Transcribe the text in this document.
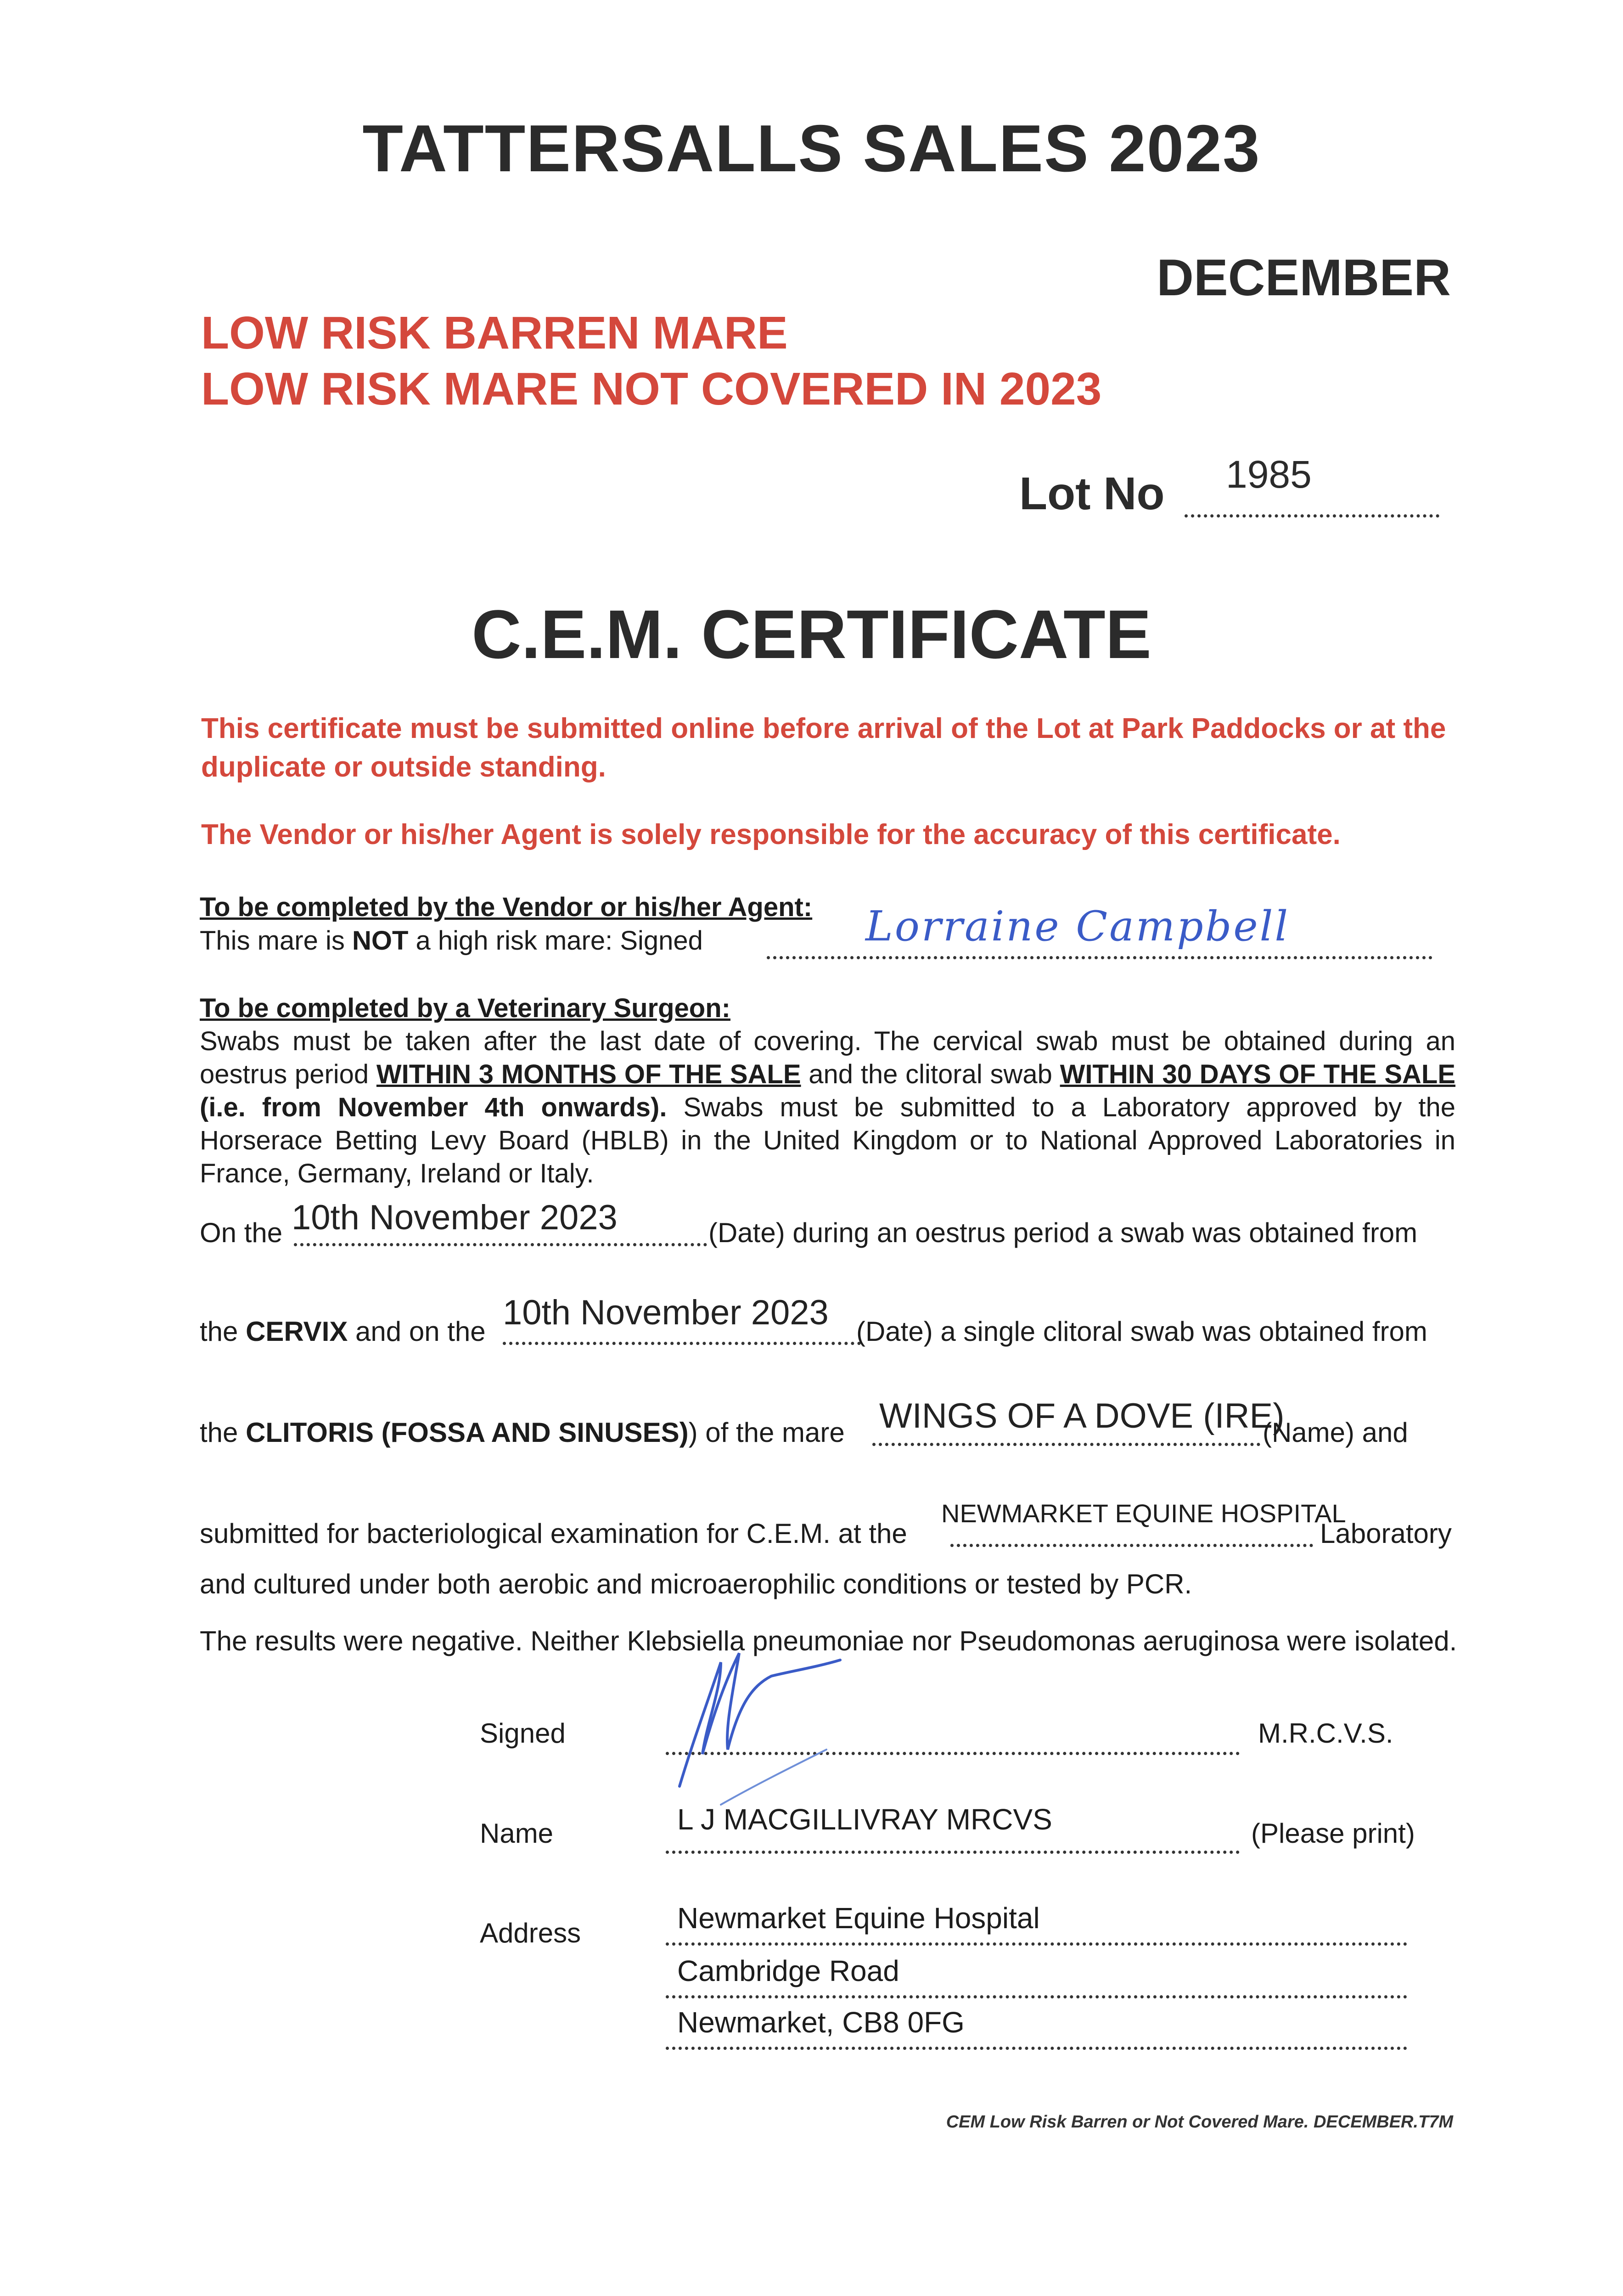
TATTERSALLS SALES 2023
DECEMBER
LOW RISK BARREN MARE
LOW RISK MARE NOT COVERED IN 2023
Lot No 1985
C.E.M. CERTIFICATE
This certificate must be submitted online before arrival of the Lot at Park Paddocks or at the duplicate or outside standing.
The Vendor or his/her Agent is solely responsible for the accuracy of this certificate.
To be completed by the Vendor or his/her Agent:
This mare is NOT a high risk mare: Signed	Lorraine Campbell
To be completed by a Veterinary Surgeon:
Swabs must be taken after the last date of covering. The cervical swab must be obtained during an oestrus period WITHIN 3 MONTHS OF THE SALE and the clitoral swab WITHIN 30 DAYS OF THE SALE (i.e. from November 4th onwards). Swabs must be submitted to a Laboratory approved by the Horserace Betting Levy Board (HBLB) in the United Kingdom or to National Approved Laboratories in France, Germany, Ireland or Italy.
On the 10th November 2023	(Date) during an oestrus period a swab was obtained from
the CERVIX and on the 10th November 2023 (Date) a single clitoral swab was obtained from
the CLITORIS (FOSSA AND SINUSES)) of the mare WINGS OF A DOVE (IRE)
(Name) and
submitted for bacteriological examination for C.E.M. at the
NEWMARKET EQUINE HOSPITAL
Laboratory
and cultured under both aerobic and microaerophilic conditions or tested by PCR.
The results were negative. Neither Klebsiella pneumoniae nor Pseudomonas aeruginosa were isolated.
Signed	M.R.C.V.S.
Name	L J MACGILLIVRAY MRCVS	(Please print)
Address	Newmarket Equine Hospital
Cambridge Road
Newmarket, CB8 0FG
CEM Low Risk Barren or Not Covered Mare. DECEMBER.T7M
